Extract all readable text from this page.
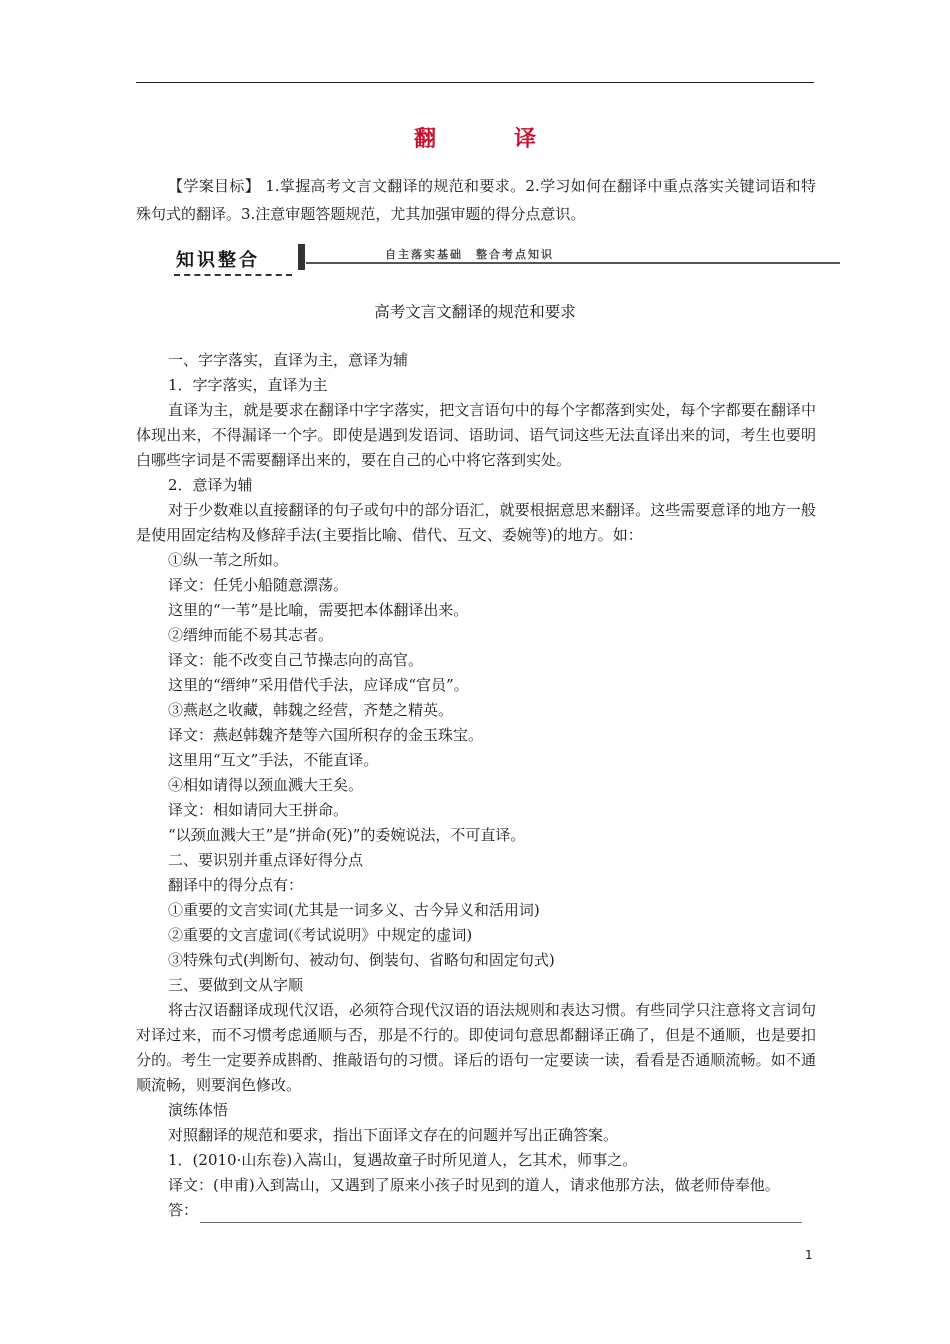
翻　译
【学案目标】 1.掌握高考文言文翻译的规范和要求。2.学习如何在翻译中重点落实关键词语和特殊句式的翻译。3.注意审题答题规范，尤其加强审题的得分点意识。
知识整合	自主落实基础　整合考点知识
高考文言文翻译的规范和要求

一、字字落实，直译为主，意译为辅

1．字字落实，直译为主

直译为主，就是要求在翻译中字字落实，把文言语句中的每个字都落到实处，每个字都要在翻译中体现出来，不得漏译一个字。即使是遇到发语词、语助词、语气词这些无法直译出来的词，考生也要明白哪些字词是不需要翻译出来的，要在自己的心中将它落到实处。

2．意译为辅

对于少数难以直接翻译的句子或句中的部分语汇，就要根据意思来翻译。这些需要意译的地方一般是使用固定结构及修辞手法(主要指比喻、借代、互文、委婉等)的地方。如：

①纵一苇之所如。

译文：任凭小船随意漂荡。

这里的“一苇”是比喻，需要把本体翻译出来。

②缙绅而能不易其志者。

译文：能不改变自己节操志向的高官。

这里的“缙绅”采用借代手法，应译成“官员”。

③燕赵之收藏，韩魏之经营，齐楚之精英。

译文：燕赵韩魏齐楚等六国所积存的金玉珠宝。

这里用“互文”手法，不能直译。

④相如请得以颈血溅大王矣。

译文：相如请同大王拼命。

“以颈血溅大王”是“拼命(死)”的委婉说法，不可直译。

二、要识别并重点译好得分点

翻译中的得分点有：

①重要的文言实词(尤其是一词多义、古今异义和活用词)

②重要的文言虚词(《考试说明》中规定的虚词)

③特殊句式(判断句、被动句、倒装句、省略句和固定句式)

三、要做到文从字顺

将古汉语翻译成现代汉语，必须符合现代汉语的语法规则和表达习惯。有些同学只注意将文言词句对译过来，而不习惯考虑通顺与否，那是不行的。即使词句意思都翻译正确了，但是不通顺，也是要扣分的。考生一定要养成斟酌、推敲语句的习惯。译后的语句一定要读一读，看看是否通顺流畅。如不通顺流畅，则要润色修改。

演练体悟

对照翻译的规范和要求，指出下面译文存在的问题并写出正确答案。

1．(2010·山东卷)入嵩山，复遇故童子时所见道人，乞其术，师事之。

译文：(申甫)入到嵩山，又遇到了原来小孩子时见到的道人，请求他那方法，做老师侍奉他。

答：

1
